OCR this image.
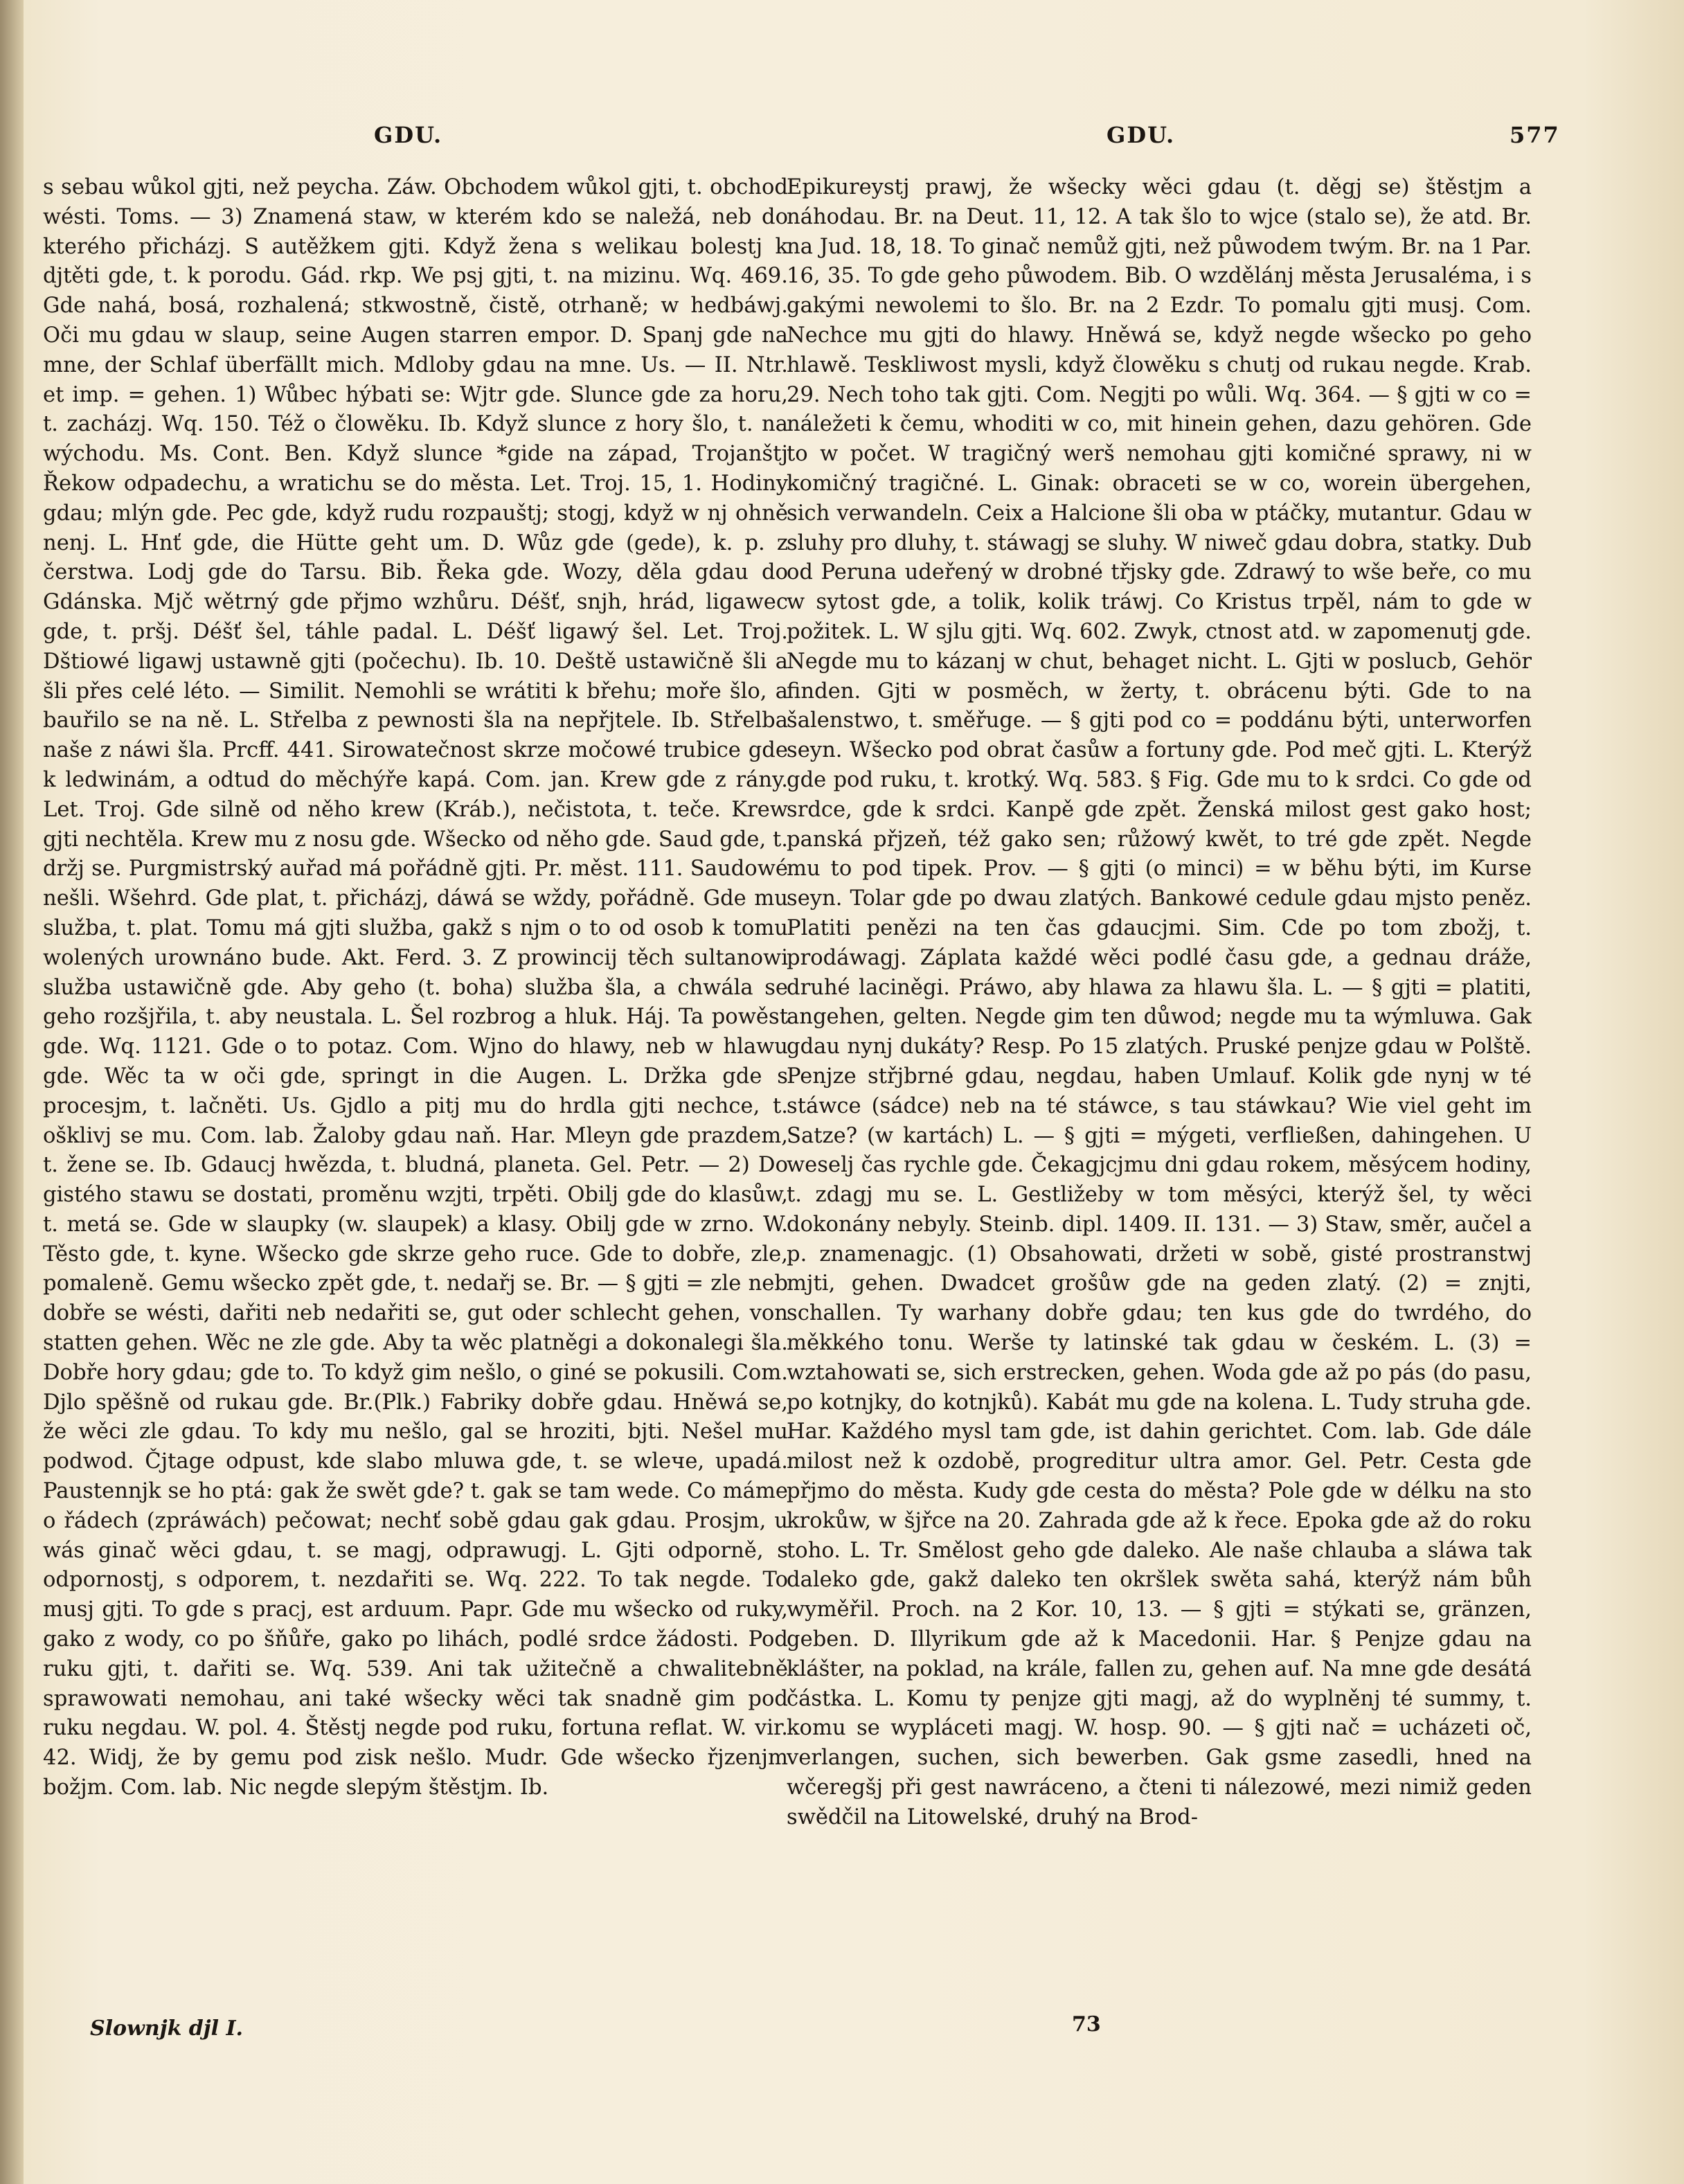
GDU.	GDU.	577

s sebau wůkol gjti, než peycha. Záw. Obchodem wůkol gjti, t. obchod wésti. Toms. — 3) Znamená staw, w kterém kdo se naležá, neb do kterého přicházj. S autěžkem gjti. Když žena s welikau bolestj k djtěti gde, t. k porodu. Gád. rkp. We psj gjti, t. na mizinu. Wq. 469. Gde nahá, bosá, rozhalená; stkwostně, čistě, otrhaně; w hedbáwj. Oči mu gdau w slaup, seine Augen starren empor. D. Spanj gde na mne, der Schlaf überfällt mich. Mdloby gdau na mne. Us. — II. Ntr. et imp. = gehen. 1) Wůbec hýbati se: Wjtr gde. Slunce gde za horu, t. zacházj. Wq. 150. Též o člowěku. Ib. Když slunce z hory šlo, t. na wýchodu. Ms. Cont. Ben. Když slunce *gide na západ, Trojanštj Řekow odpadechu, a wratichu se do města. Let. Troj. 15, 1. Hodiny gdau; mlýn gde. Pec gde, když rudu rozpauštj; stogj, když w nj ohně nenj. L. Hnť gde, die Hütte geht um. D. Wůz gde (gede), k. p. z čerstwa. Lodj gde do Tarsu. Bib. Řeka gde. Wozy, děla gdau do Gdánska. Mjč wětrný gde přjmo wzhůru. Déšť, snjh, hrád, ligawec gde, t. pršj. Déšť šel, táhle padal. L. Déšť ligawý šel. Let. Troj. Dštiowé ligawj ustawně gjti (počechu). Ib. 10. Deště ustawičně šli a šli přes celé léto. — Similit. Nemohli se wrátiti k břehu; moře šlo, a bauřilo se na ně. L. Střelba z pewnosti šla na nepřjtele. Ib. Střelba naše z náwi šla. Prcff. 441. Sirowatečnost skrze močowé trubice gde k ledwinám, a odtud do měchýře kapá. Com. jan. Krew gde z rány. Let. Troj. Gde silně od něho krew (Kráb.), nečistota, t. teče. Krew gjti nechtěla. Krew mu z nosu gde. Wšecko od něho gde. Saud gde, t. držj se. Purgmistrský auřad má pořádně gjti. Pr. měst. 111. Saudowé nešli. Wšehrd. Gde plat, t. přicházj, dáwá se wždy, pořádně. Gde mu služba, t. plat. Tomu má gjti služba, gakž s njm o to od osob k tomu wolených urownáno bude. Akt. Ferd. 3. Z prowincij těch sultanowi služba ustawičně gde. Aby geho (t. boha) služba šla, a chwála se geho rozšjřila, t. aby neustala. L. Šel rozbrog a hluk. Háj. Ta powěst gde. Wq. 1121. Gde o to potaz. Com. Wjno do hlawy, neb w hlawu gde. Wěc ta w oči gde, springt in die Augen. L. Držka gde s procesjm, t. lačněti. Us. Gjdlo a pitj mu do hrdla gjti nechce, t. ošklivj se mu. Com. lab. Žaloby gdau naň. Har. Mleyn gde prazdem, t. žene se. Ib. Gdaucj hwězda, t. bludná, planeta. Gel. Petr. — 2) Do gistého stawu se dostati, proměnu wzjti, trpěti. Obilj gde do klasůw, t. metá se. Gde w slaupky (w. slaupek) a klasy. Obilj gde w zrno. W. Těsto gde, t. kyne. Wšecko gde skrze geho ruce. Gde to dobře, zle, pomaleně. Gemu wšecko zpět gde, t. nedařj se. Br. — § gjti = zle neb dobře se wésti, dařiti neb nedařiti se, gut oder schlecht gehen, von statten gehen. Wěc ne zle gde. Aby ta wěc platněgi a dokonalegi šla. Dobře hory gdau; gde to. To když gim nešlo, o giné se pokusili. Com. Djlo spěšně od rukau gde. Br.(Plk.) Fabriky dobře gdau. Hněwá se, že wěci zle gdau. To kdy mu nešlo, gal se hroziti, bjti. Nešel mu podwod. Čjtage odpust, kde slabo mluwa gde, t. se wlече, upadá. Paustennjk se ho ptá: gak že swět gde? t. gak se tam wede. Co máme o řádech (zpráwách) pečowat; nechť sobě gdau gak gdau. Prosjm, u wás ginač wěci gdau, t. se magj, odprawugj. L. Gjti odporně, s odpornostj, s odporem, t. nezdařiti se. Wq. 222. To tak negde. To musj gjti. To gde s pracj, est arduum. Papr. Gde mu wšecko od ruky, gako z wody, co po šňůře, gako po lihách, podlé srdce žádosti. Pod ruku gjti, t. dařiti se. Wq. 539. Ani tak užitečně a chwalitebně sprawowati nemohau, ani také wšecky wěci tak snadně gim pod ruku negdau. W. pol. 4. Štěstj negde pod ruku, fortuna reflat. W. vir. 42. Widj, že by gemu pod zisk nešlo. Mudr. Gde wšecko řjzenjm božjm. Com. lab. Nic negde slepým štěstjm. Ib.

Epikureystj prawj, že wšecky wěci gdau (t. děgj se) štěstjm a náhodau. Br. na Deut. 11, 12. A tak šlo to wjce (stalo se), že atd. Br. na Jud. 18, 18. To ginač nemůž gjti, než půwodem twým. Br. na 1 Par. 16, 35. To gde geho půwodem. Bib. O wzdělánj města Jerusaléma, i s gakými newolemi to šlo. Br. na 2 Ezdr. To pomalu gjti musj. Com. Nechce mu gjti do hlawy. Hněwá se, když negde wšecko po geho hlawě. Teskliwost mysli, když člowěku s chutj od rukau negde. Krab. 29. Nech toho tak gjti. Com. Negjti po wůli. Wq. 364. — § gjti w co = náležeti k čemu, whoditi w co, mit hinein gehen, dazu gehören. Gde to w počet. W tragičný werš nemohau gjti komičné sprawy, ni w komičný tragičné. L. Ginak: obraceti se w co, worein übergehen, sich verwandeln. Ceix a Halcione šli oba w ptáčky, mutantur. Gdau w sluhy pro dluhy, t. stáwagj se sluhy. W niweč gdau dobra, statky. Dub od Peruna udeřený w drobné třjsky gde. Zdrawý to wše beře, co mu w sytost gde, a tolik, kolik tráwj. Co Kristus trpěl, nám to gde w požitek. L. W sjlu gjti. Wq. 602. Zwyk, ctnost atd. w zapomenutj gde. Negde mu to kázanj w chut, behaget nicht. L. Gjti w poslucb, Gehör finden. Gjti w posměch, w žerty, t. obrácenu býti. Gde to na šalenstwo, t. směřuge. — § gjti pod co = poddánu býti, unterworfen seyn. Wšecko pod obrat časůw a fortuny gde. Pod meč gjti. L. Kterýž gde pod ruku, t. krotký. Wq. 583. § Fig. Gde mu to k srdci. Co gde od srdce, gde k srdci. Kanpě gde zpět. Ženská milost gest gako host; panská přjzeň, též gako sen; růžowý kwět, to tré gde zpět. Negde mu to pod tipek. Prov. — § gjti (o minci) = w běhu býti, im Kurse seyn. Tolar gde po dwau zlatých. Bankowé cedule gdau mjsto peněz. Platiti penězi na ten čas gdaucjmi. Sim. Cde po tom zbožj, t. prodáwagj. Záplata každé wěci podlé času gde, a gednau dráže, druhé laciněgi. Práwo, aby hlawa za hlawu šla. L. — § gjti = platiti, angehen, gelten. Negde gim ten důwod; negde mu ta wýmluwa. Gak gdau nynj dukáty? Resp. Po 15 zlatých. Pruské penjze gdau w Polště. Penjze střjbrné gdau, negdau, haben Umlauf. Kolik gde nynj w té stáwce (sádce) neb na té stáwce, s tau stáwkau? Wie viel geht im Satze? (w kartách) L. — § gjti = mýgeti, verfließen, dahingehen. U weselj čas rychle gde. Čekagjcjmu dni gdau rokem, měsýcem hodiny, t. zdagj mu se. L. Gestližeby w tom měsýci, kterýž šel, ty wěci dokonány nebyly. Steinb. dipl. 1409. II. 131. — 3) Staw, směr, aučel a p. znamenagjc. (1) Obsahowati, držeti w sobě, gisté prostranstwj mjti, gehen. Dwadcet grošůw gde na geden zlatý. (2) = znjti, schallen. Ty warhany dobře gdau; ten kus gde do twrdého, do měkkého tonu. Werše ty latinské tak gdau w českém. L. (3) = wztahowati se, sich erstrecken, gehen. Woda gde až po pás (do pasu, po kotnjky, do kotnjků). Kabát mu gde na kolena. L. Tudy struha gde. Har. Každého mysl tam gde, ist dahin gerichtet. Com. lab. Gde dále milost než k ozdobě, progreditur ultra amor. Gel. Petr. Cesta gde přjmo do města. Kudy gde cesta do města? Pole gde w délku na sto krokůw, w šjřce na 20. Zahrada gde až k řece. Epoka gde až do roku toho. L. Tr. Smělost geho gde daleko. Ale naše chlauba a sláwa tak daleko gde, gakž daleko ten okršlek swěta sahá, kterýž nám bůh wyměřil. Proch. na 2 Kor. 10, 13. — § gjti = stýkati se, gränzen, geben. D. Illyrikum gde až k Macedonii. Har. § Penjze gdau na klášter, na poklad, na krále, fallen zu, gehen auf. Na mne gde desátá částka. L. Komu ty penjze gjti magj, až do wyplněnj té summy, t. komu se wypláceti magj. W. hosp. 90. — § gjti nač = ucházeti oč, verlangen, suchen, sich bewerben. Gak gsme zasedli, hned na wčeregšj při gest nawráceno, a čteni ti nálezowé, mezi nimiž geden swědčil na Litowelské, druhý na Brod-

Slownjk djl I.	73
